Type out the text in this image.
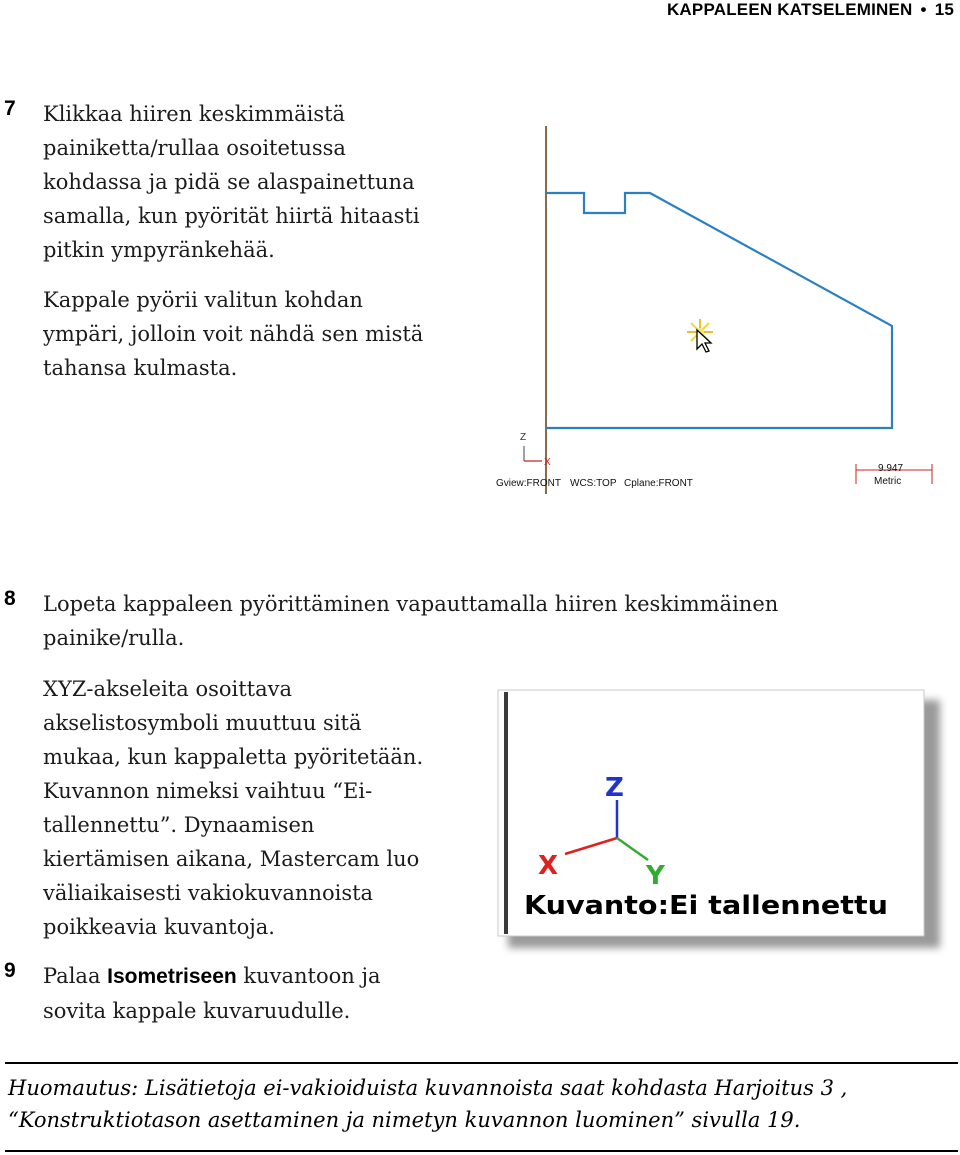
KAPPALEEN KATSELEMINEN • 15
7 Klikkaa hiiren keskimmäistä
painiketta/rullaa osoitetussa
kohdassa ja pidä se alaspainettuna
samalla, kun pyörität hiirtä hitaasti
pitkin ympyränkehää.

Kappale pyörii valitun kohdan
ympäri, jolloin voit nähdä sen mistä
tahansa kulmasta.

Z
X
Gview:FRONT WCS:TOP Cplane:FRONT
9.947
Metric
8 Lopeta kappaleen pyörittäminen vapauttamalla hiiren keskimmäinen
painike/rulla.

XYZ-akseleita osoittava
akselistosymboli muuttuu sitä
mukaa, kun kappaletta pyöritetään.
Kuvannon nimeksi vaihtuu “Ei-
tallennettu”. Dynaamisen
kiertämisen aikana, Mastercam luo
väliaikaisesti vakiokuvannoista
poikkeavia kuvantoja.

Z
X	Y
Kuvanto:Ei tallennettu
9 Palaa Isometriseen kuvantoon ja
sovita kappale kuvaruudulle.

Huomautus: Lisätietoja ei-vakioiduista kuvannoista saat kohdasta Harjoitus 3 ,
“Konstruktiotason asettaminen ja nimetyn kuvannon luominen” sivulla 19.
